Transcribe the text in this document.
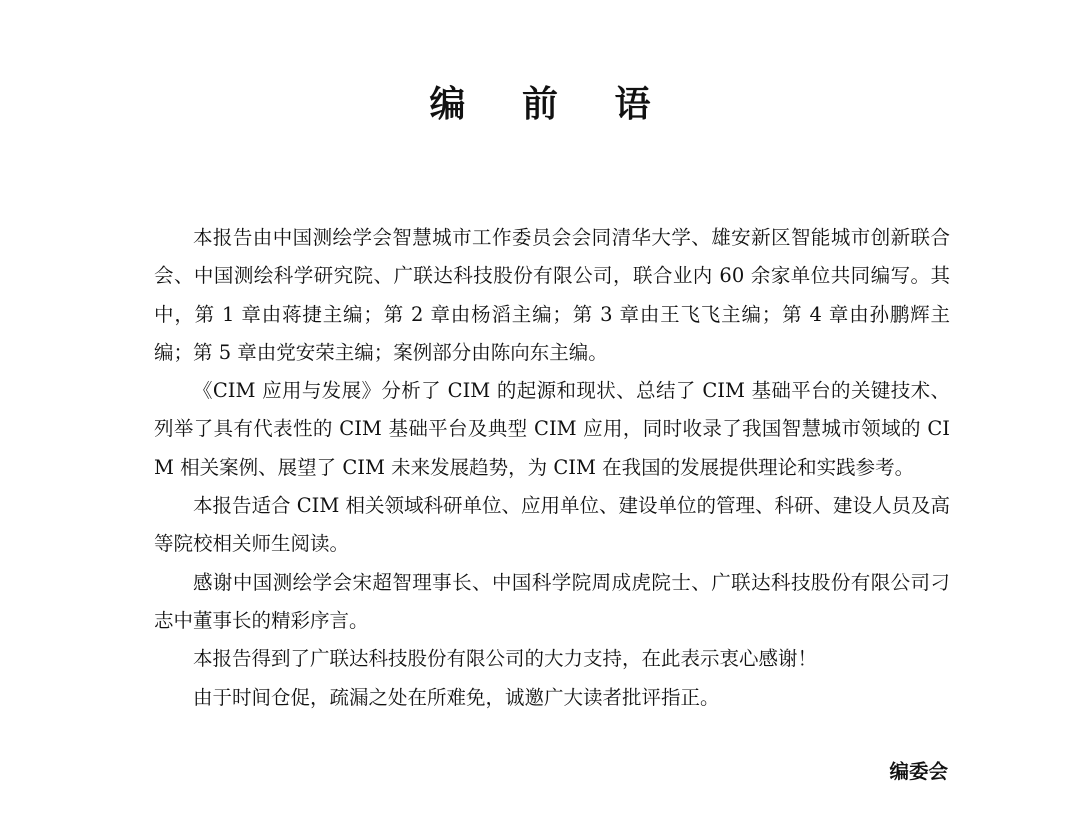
编 前 语

本报告由中国测绘学会智慧城市工作委员会会同清华大学、雄安新区智能城市创新联合会、中国测绘科学研究院、广联达科技股份有限公司，联合业内 60 余家单位共同编写。其中，第 1 章由蒋捷主编；第 2 章由杨滔主编；第 3 章由王飞飞主编；第 4 章由孙鹏辉主编；第 5 章由党安荣主编；案例部分由陈向东主编。

《CIM 应用与发展》分析了 CIM 的起源和现状、总结了 CIM 基础平台的关键技术、列举了具有代表性的 CIM 基础平台及典型 CIM 应用，同时收录了我国智慧城市领域的 CIM 相关案例、展望了 CIM 未来发展趋势，为 CIM 在我国的发展提供理论和实践参考。

本报告适合 CIM 相关领域科研单位、应用单位、建设单位的管理、科研、建设人员及高等院校相关师生阅读。

感谢中国测绘学会宋超智理事长、中国科学院周成虎院士、广联达科技股份有限公司刁志中董事长的精彩序言。

本报告得到了广联达科技股份有限公司的大力支持，在此表示衷心感谢！

由于时间仓促，疏漏之处在所难免，诚邀广大读者批评指正。

编委会
